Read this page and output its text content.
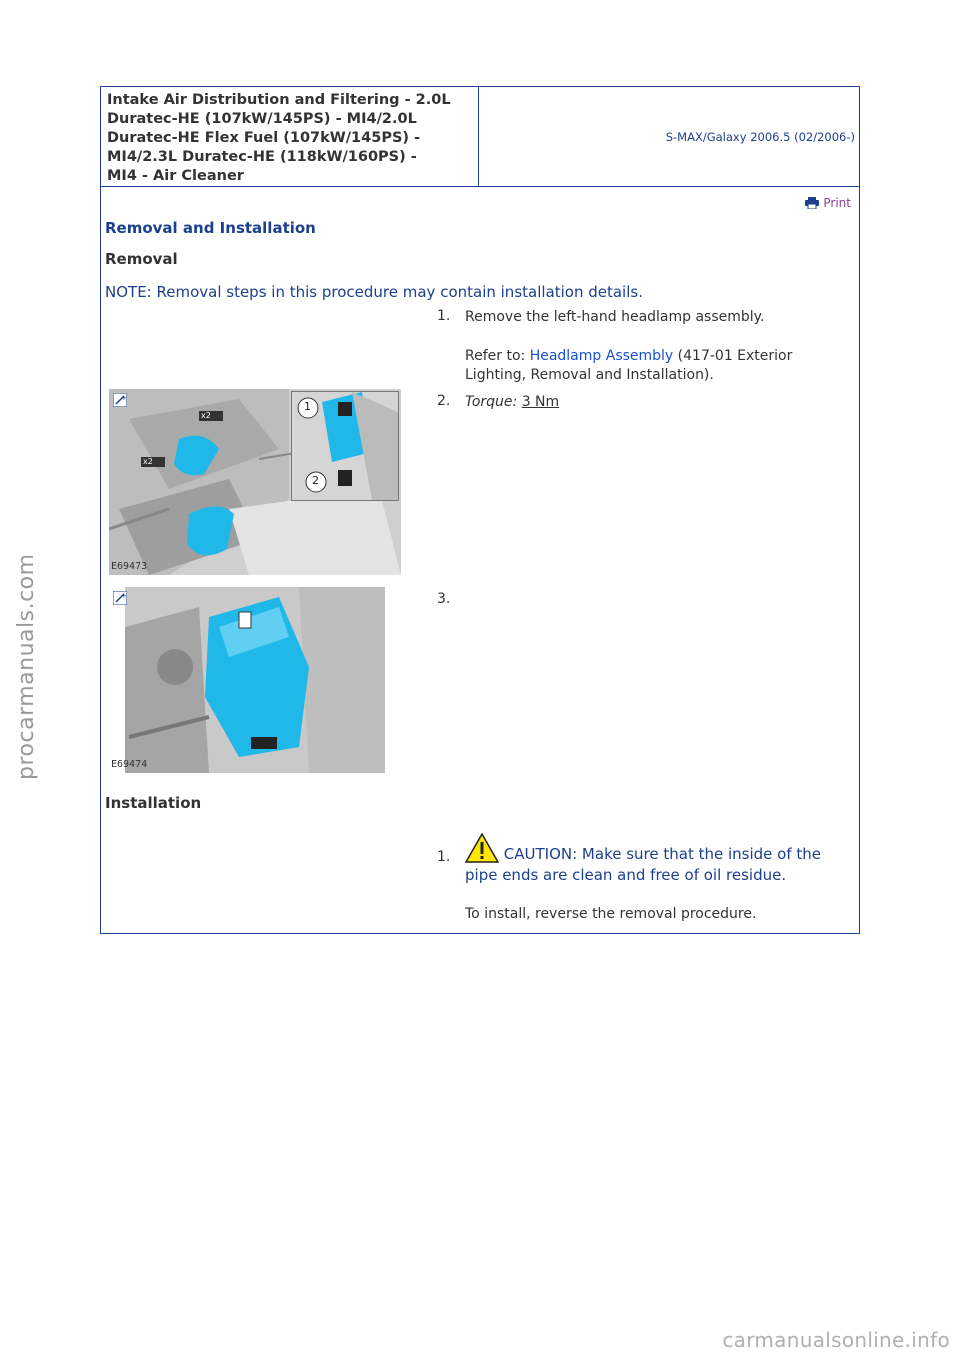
procarmanuals.com
carmanualsonline.info
Intake Air Distribution and Filtering - 2.0L
Duratec-HE (107kW/145PS) - MI4/2.0L
Duratec-HE Flex Fuel (107kW/145PS) -
MI4/2.3L Duratec-HE (118kW/160PS) -
MI4 - Air Cleaner
S-MAX/Galaxy 2006.5 (02/2006-)
Print
Removal and Installation
Removal
NOTE: Removal steps in this procedure may contain installation details.
1. Remove the left-hand headlamp assembly.
Refer to: Headlamp Assembly (417-01 Exterior Lighting, Removal and Installation).
2. Torque: 3 Nm
1
2
x2
x2
+
E69473
3.
+
E69474
Installation
1.	CAUTION: Make sure that the inside of the pipe ends are clean and free of oil residue.
To install, reverse the removal procedure.
